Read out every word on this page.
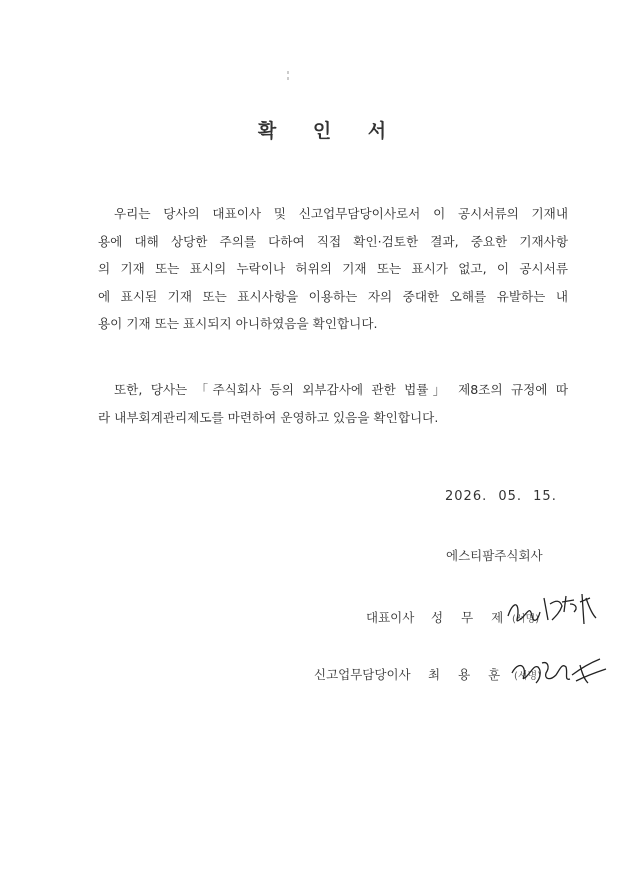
확 인 서
우리는 당사의 대표이사 및 신고업무담당이사로서 이 공시서류의 기재내
용에 대해 상당한 주의를 다하여 직접 확인·검토한 결과, 중요한 기재사항
의 기재 또는 표시의 누락이나 허위의 기재 또는 표시가 없고, 이 공시서류
에 표시된 기재 또는 표시사항을 이용하는 자의 중대한 오해를 유발하는 내
용이 기재 또는 표시되지 아니하였음을 확인합니다.
또한, 당사는 「주식회사 등의 외부감사에 관한 법률」 제8조의 규정에 따
라 내부회계관리제도를 마련하여 운영하고 있음을 확인합니다.
2026. 05. 15.
에스티팜주식회사
대표이사 성 무 제 (서명)
신고업무담당이사 최 용 훈	(서명)
